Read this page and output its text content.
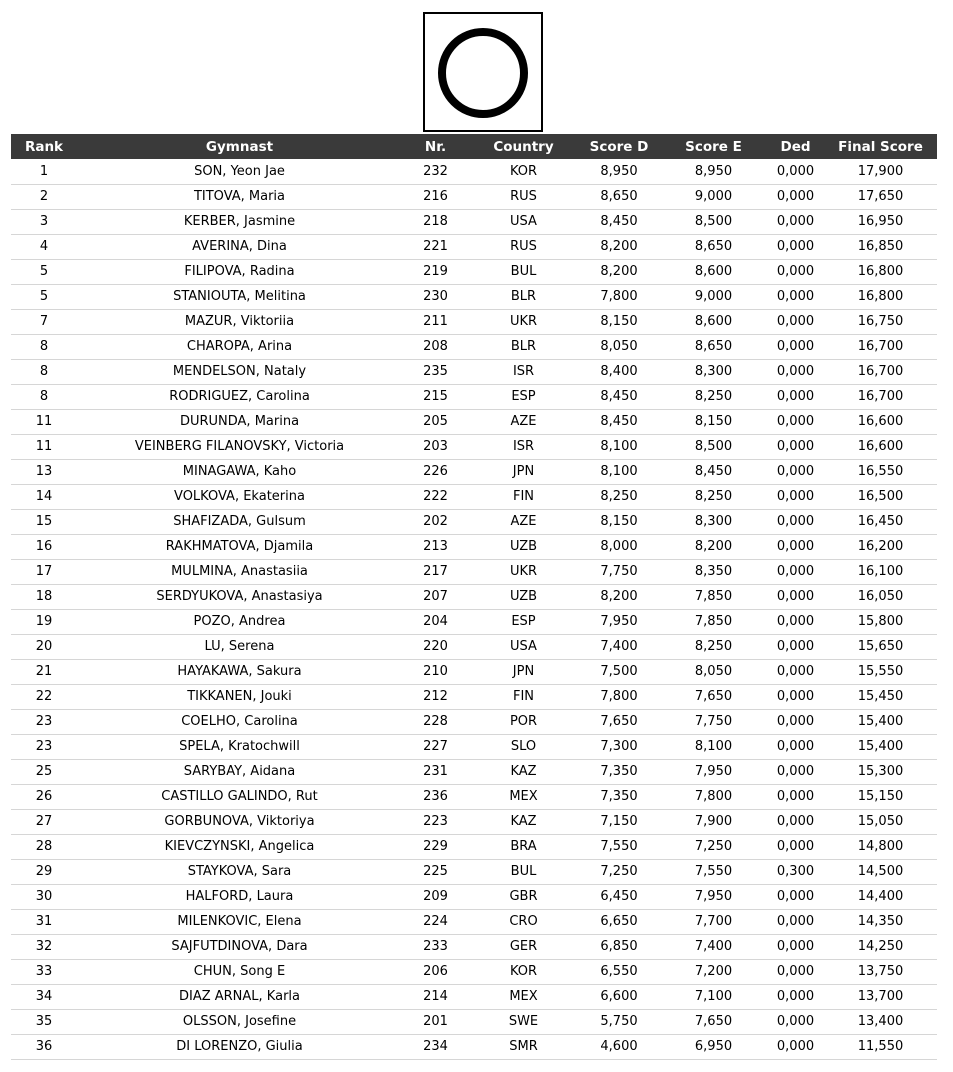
Rank	Gymnast	Nr.	Country	Score D	Score E	Ded	Final Score
1	SON, Yeon Jae	232	KOR	8,950	8,950	0,000	17,900
2	TITOVA, Maria	216	RUS	8,650	9,000	0,000	17,650
3	KERBER, Jasmine	218	USA	8,450	8,500	0,000	16,950
4	AVERINA, Dina	221	RUS	8,200	8,650	0,000	16,850
5	FILIPOVA, Radina	219	BUL	8,200	8,600	0,000	16,800
5	STANIOUTA, Melitina	230	BLR	7,800	9,000	0,000	16,800
7	MAZUR, Viktoriia	211	UKR	8,150	8,600	0,000	16,750
8	CHAROPA, Arina	208	BLR	8,050	8,650	0,000	16,700
8	MENDELSON, Nataly	235	ISR	8,400	8,300	0,000	16,700
8	RODRIGUEZ, Carolina	215	ESP	8,450	8,250	0,000	16,700
11	DURUNDA, Marina	205	AZE	8,450	8,150	0,000	16,600
11	VEINBERG FILANOVSKY, Victoria	203	ISR	8,100	8,500	0,000	16,600
13	MINAGAWA, Kaho	226	JPN	8,100	8,450	0,000	16,550
14	VOLKOVA, Ekaterina	222	FIN	8,250	8,250	0,000	16,500
15	SHAFIZADA, Gulsum	202	AZE	8,150	8,300	0,000	16,450
16	RAKHMATOVA, Djamila	213	UZB	8,000	8,200	0,000	16,200
17	MULMINA, Anastasiia	217	UKR	7,750	8,350	0,000	16,100
18	SERDYUKOVA, Anastasiya	207	UZB	8,200	7,850	0,000	16,050
19	POZO, Andrea	204	ESP	7,950	7,850	0,000	15,800
20	LU, Serena	220	USA	7,400	8,250	0,000	15,650
21	HAYAKAWA, Sakura	210	JPN	7,500	8,050	0,000	15,550
22	TIKKANEN, Jouki	212	FIN	7,800	7,650	0,000	15,450
23	COELHO, Carolina	228	POR	7,650	7,750	0,000	15,400
23	SPELA, Kratochwill	227	SLO	7,300	8,100	0,000	15,400
25	SARYBAY, Aidana	231	KAZ	7,350	7,950	0,000	15,300
26	CASTILLO GALINDO, Rut	236	MEX	7,350	7,800	0,000	15,150
27	GORBUNOVA, Viktoriya	223	KAZ	7,150	7,900	0,000	15,050
28	KIEVCZYNSKI, Angelica	229	BRA	7,550	7,250	0,000	14,800
29	STAYKOVA, Sara	225	BUL	7,250	7,550	0,300	14,500
30	HALFORD, Laura	209	GBR	6,450	7,950	0,000	14,400
31	MILENKOVIC, Elena	224	CRO	6,650	7,700	0,000	14,350
32	SAJFUTDINOVA, Dara	233	GER	6,850	7,400	0,000	14,250
33	CHUN, Song E	206	KOR	6,550	7,200	0,000	13,750
34	DIAZ ARNAL, Karla	214	MEX	6,600	7,100	0,000	13,700
35	OLSSON, Josefine	201	SWE	5,750	7,650	0,000	13,400
36	DI LORENZO, Giulia	234	SMR	4,600	6,950	0,000	11,550
